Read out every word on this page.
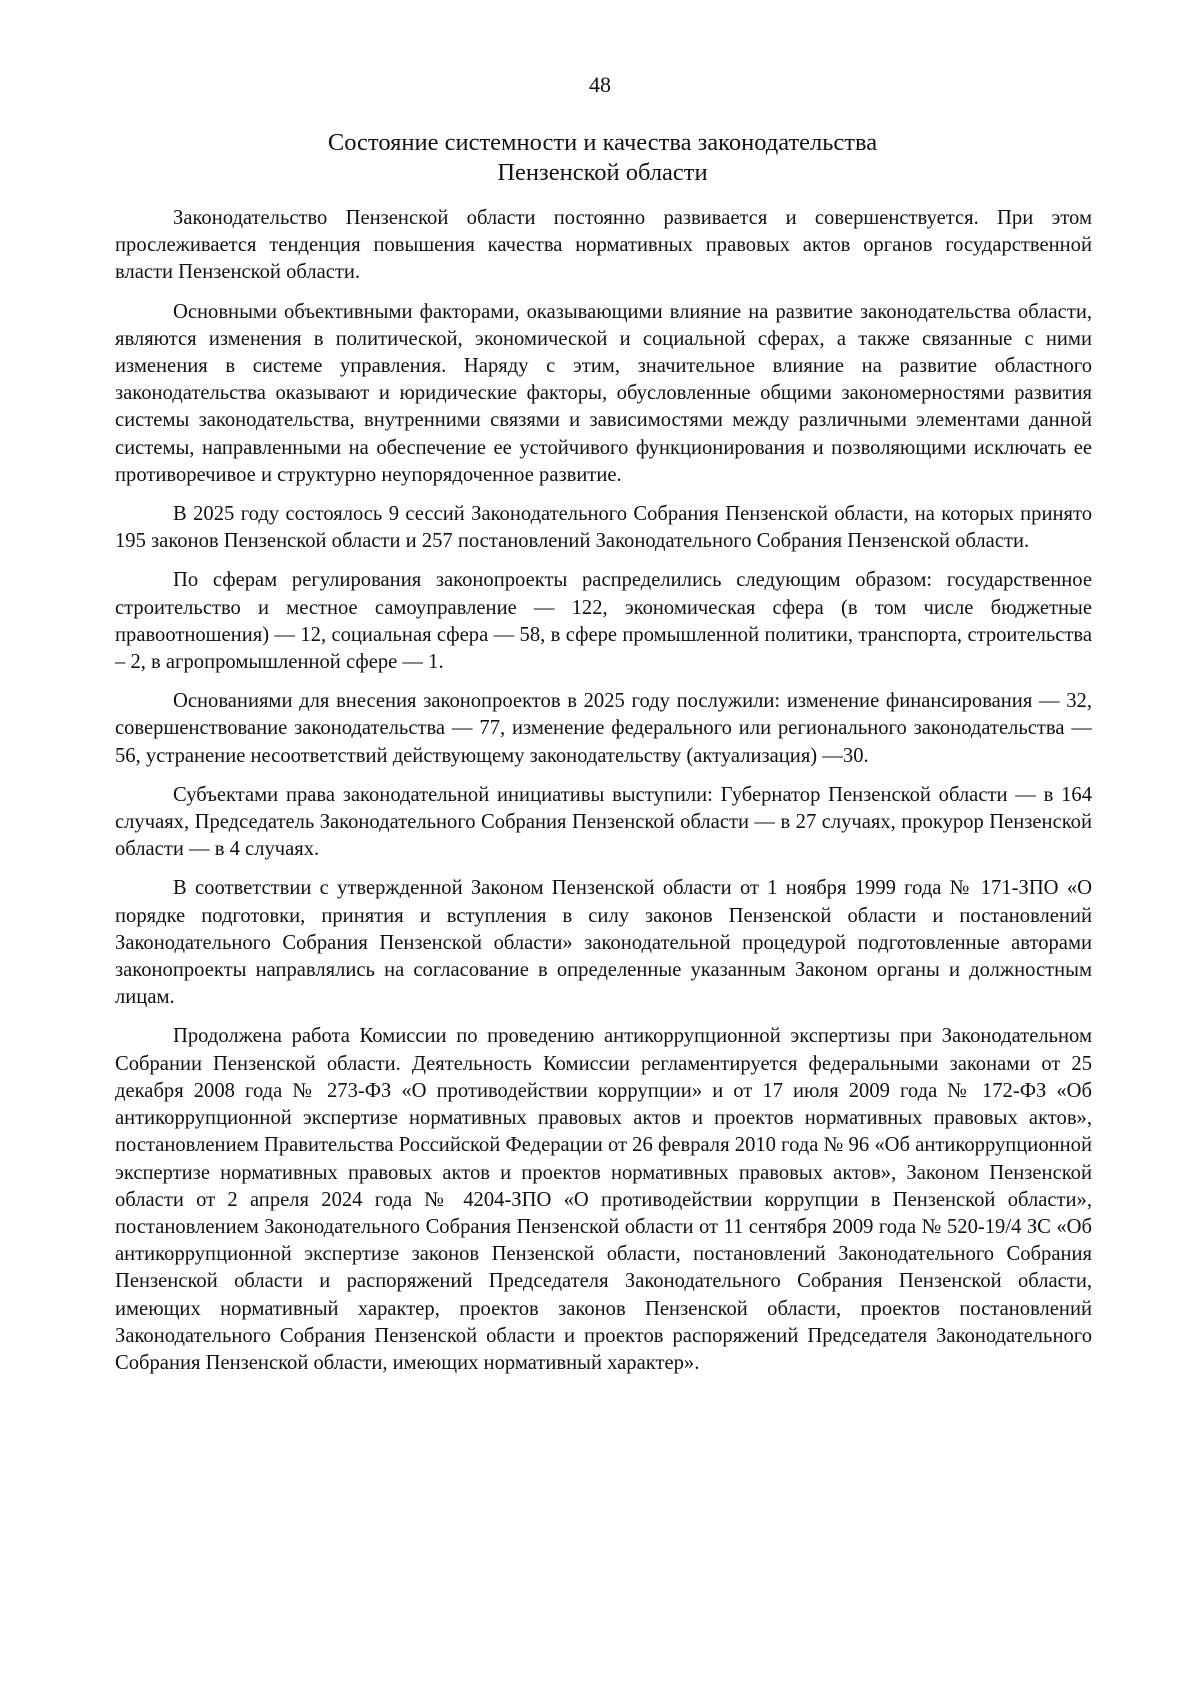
48
Состояние системности и качества законодательства
Пензенской области

Законодательство Пензенской области постоянно развивается и совершенствуется. При этом прослеживается тенденция повышения качества нормативных правовых актов органов государственной власти Пензенской области.

Основными объективными факторами, оказывающими влияние на развитие законодательства области, являются изменения в политической, экономической и социальной сферах, а также связанные с ними изменения в системе управления. Наряду с этим, значительное влияние на развитие областного законодательства оказывают и юридические факторы, обусловленные общими закономерностями развития системы законодательства, внутренними связями и зависимостями между различными элементами данной системы, направленными на обеспечение ее устойчивого функционирования и позволяющими исключать ее противоречивое и структурно неупорядоченное развитие.

В 2025 году состоялось 9 сессий Законодательного Собрания Пензенской области, на которых принято 195 законов Пензенской области и 257 постановлений Законодательного Собрания Пензенской области.

По сферам регулирования законопроекты распределились следующим образом: государственное строительство и местное самоуправление — 122, экономическая сфера (в том числе бюджетные правоотношения) — 12, социальная сфера — 58, в сфере промышленной политики, транспорта, строительства – 2, в агропромышленной сфере — 1.

Основаниями для внесения законопроектов в 2025 году послужили: изменение финансирования — 32, совершенствование законодательства — 77, изменение федерального или регионального законодательства — 56, устранение несоответствий действующему законодательству (актуализация) —30.

Субъектами права законодательной инициативы выступили: Губернатор Пензенской области — в 164 случаях, Председатель Законодательного Собрания Пензенской области — в 27 случаях, прокурор Пензенской области — в 4 случаях.

В соответствии с утвержденной Законом Пензенской области от 1 ноября 1999 года № 171-ЗПО «О порядке подготовки, принятия и вступления в силу законов Пензенской области и постановлений Законодательного Собрания Пензенской области» законодательной процедурой подготовленные авторами законопроекты направлялись на согласование в определенные указанным Законом органы и должностным лицам.

Продолжена работа Комиссии по проведению антикоррупционной экспертизы при Законодательном Собрании Пензенской области. Деятельность Комиссии регламентируется федеральными законами от 25 декабря 2008 года № 273-ФЗ «О противодействии коррупции» и от 17 июля 2009 года № 172-ФЗ «Об антикоррупционной экспертизе нормативных правовых актов и проектов нормативных правовых актов», постановлением Правительства Российской Федерации от 26 февраля 2010 года № 96 «Об антикоррупционной экспертизе нормативных правовых актов и проектов нормативных правовых актов», Законом Пензенской области от 2 апреля 2024 года № 4204-ЗПО «О противодействии коррупции в Пензенской области», постановлением Законодательного Собрания Пензенской области от 11 сентября 2009 года № 520-19/4 ЗС «Об антикоррупционной экспертизе законов Пензенской области, постановлений Законодательного Собрания Пензенской области и распоряжений Председателя Законодательного Собрания Пензенской области, имеющих нормативный характер, проектов законов Пензенской области, проектов постановлений Законодательного Собрания Пензенской области и проектов распоряжений Председателя Законодательного Собрания Пензенской области, имеющих нормативный характер».
